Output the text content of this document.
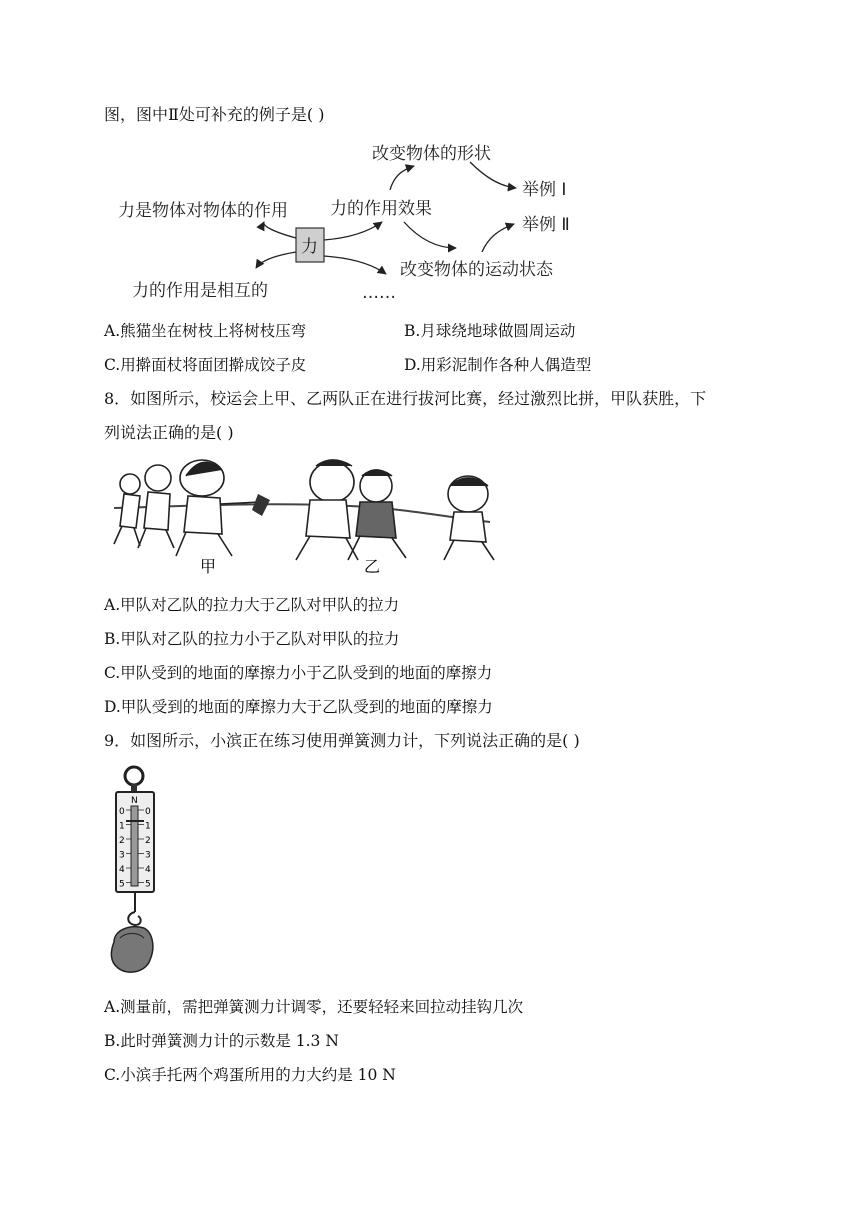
图，图中Ⅱ处可补充的例子是( )
改变物体的形状
举例 Ⅰ
力是物体对物体的作用 力的作用效果
举例 Ⅱ
力
改变物体的运动状态
力的作用是相互的	……
A.熊猫坐在树枝上将树枝压弯	B.月球绕地球做圆周运动
C.用擀面杖将面团擀成饺子皮	D.用彩泥制作各种人偶造型
8．如图所示，校运会上甲、乙两队正在进行拔河比赛，经过激烈比拼，甲队获胜，下
列说法正确的是( )
甲	乙
A.甲队对乙队的拉力大于乙队对甲队的拉力
B.甲队对乙队的拉力小于乙队对甲队的拉力
C.甲队受到的地面的摩擦力小于乙队受到的地面的摩擦力
D.甲队受到的地面的摩擦力大于乙队受到的地面的摩擦力
9．如图所示，小滨正在练习使用弹簧测力计，下列说法正确的是( )
N
0 0
1 1
2 2
3 3
4 4
5 5
A.测量前，需把弹簧测力计调零，还要轻轻来回拉动挂钩几次
B.此时弹簧测力计的示数是 1.3 N
C.小滨手托两个鸡蛋所用的力大约是 10 N
